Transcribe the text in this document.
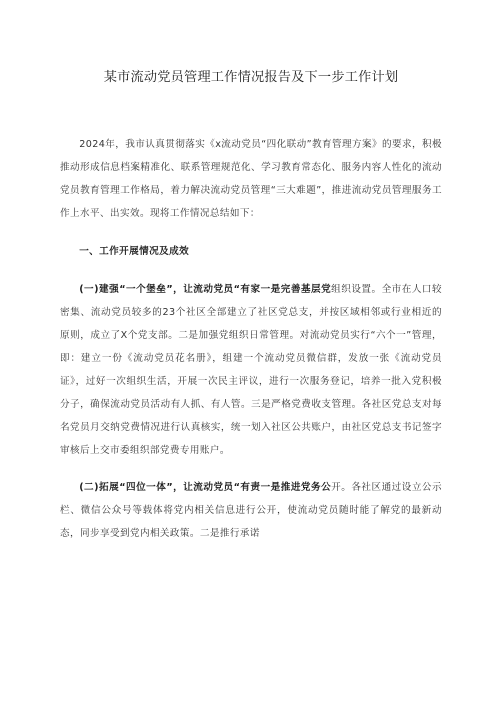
某市流动党员管理工作情况报告及下一步工作计划

2024年，我市认真贯彻落实《x流动党员“四化联动”教育管理方案》的要求，积极推动形成信息档案精准化、联系管理规范化、学习教育常态化、服务内容人性化的流动党员教育管理工作格局，着力解决流动党员管理“三大难题”，推进流动党员管理服务工作上水平、出实效。现将工作情况总结如下：

一、工作开展情况及成效

(一)建强“一个堡垒”，让流动党员“有家一是完善基层党组织设置。全市在人口较密集、流动党员较多的23个社区全部建立了社区党总支，并按区域相邻或行业相近的原则，成立了X个党支部。二是加强党组织日常管理。对流动党员实行“六个一”管理，即：建立一份《流动党员花名册》，组建一个流动党员微信群，发放一张《流动党员证》，过好一次组织生活，开展一次民主评议，进行一次服务登记，培养一批入党积极分子，确保流动党员活动有人抓、有人管。三是严格党费收支管理。各社区党总支对每名党员月交纳党费情况进行认真核实，统一划入社区公共账户，由社区党总支书记签字审核后上交市委组织部党费专用账户。

(二)拓展“四位一体”，让流动党员“有责一是推进党务公开。各社区通过设立公示栏、微信公众号等载体将党内相关信息进行公开，使流动党员随时能了解党的最新动态，同步享受到党内相关政策。二是推行承诺
